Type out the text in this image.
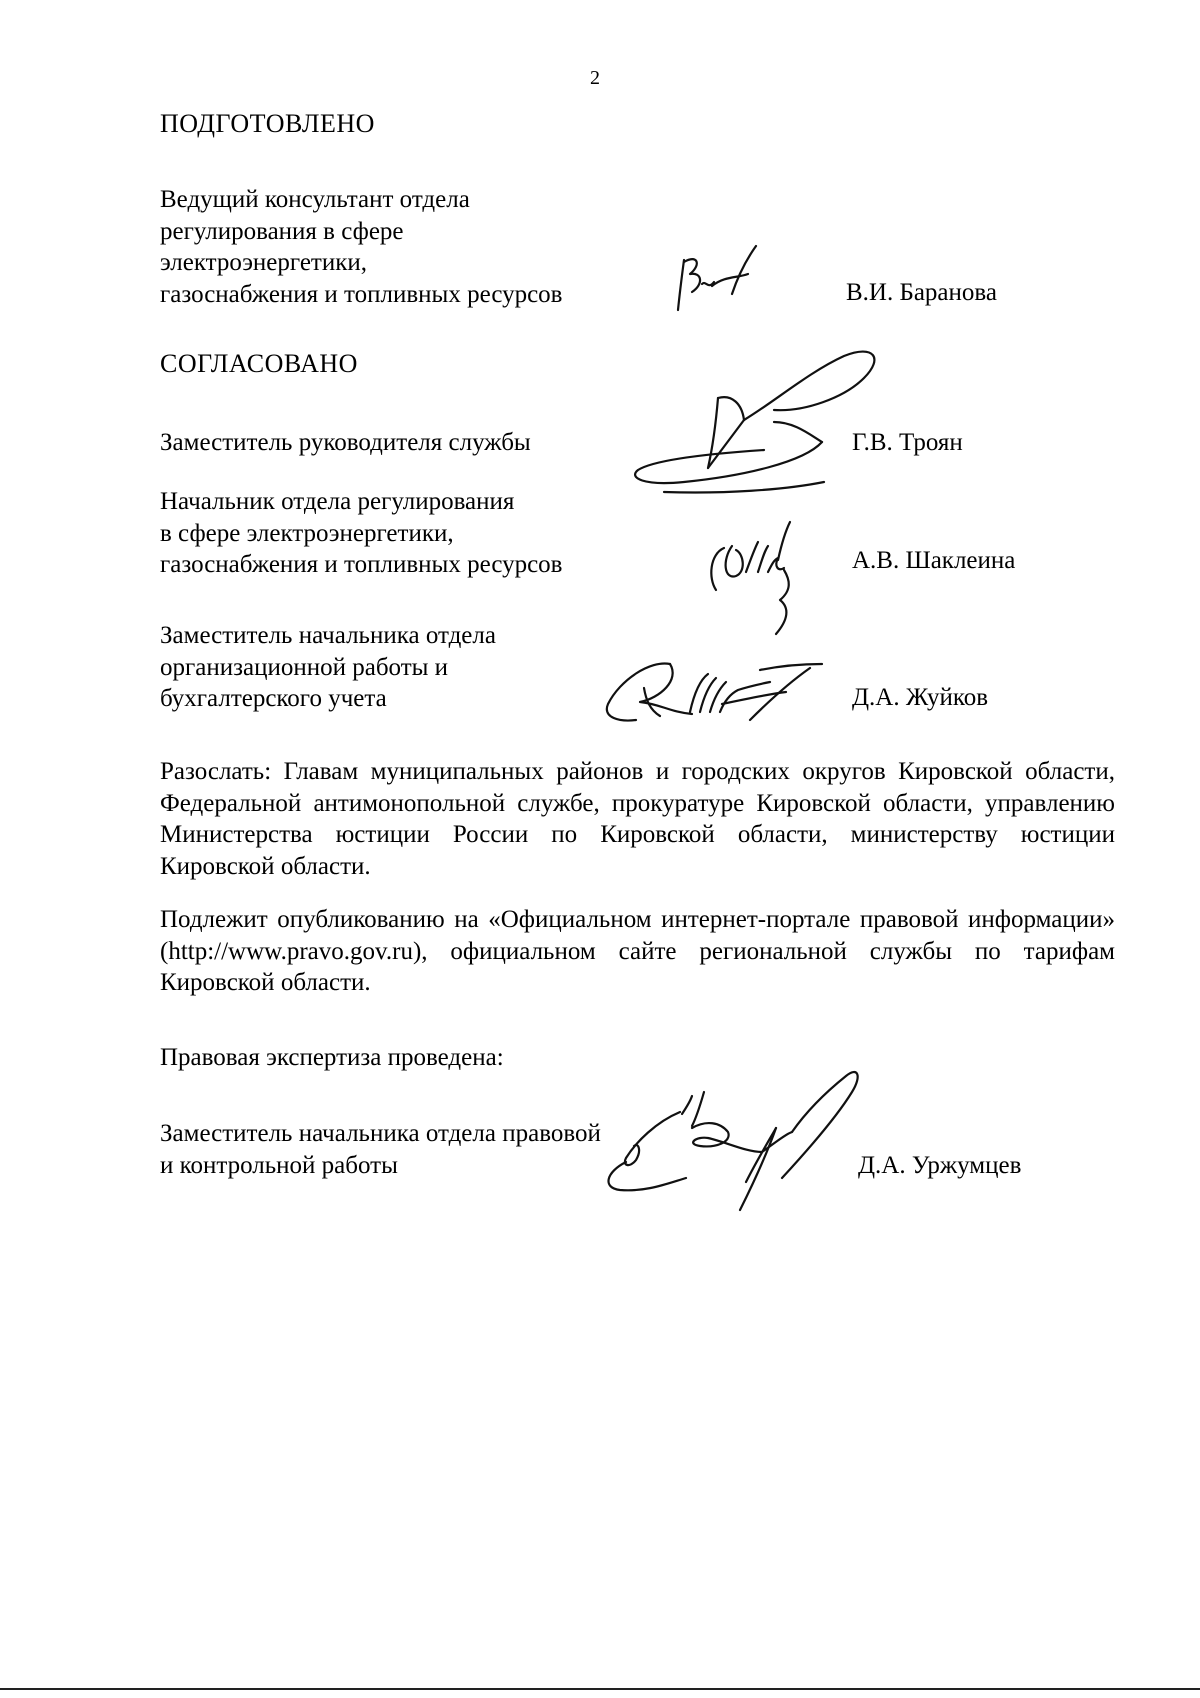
2
ПОДГОТОВЛЕНО
Ведущий консультант отдела
регулирования в сфере
электроэнергетики,
газоснабжения и топливных ресурсов	В.И. Баранова
СОГЛАСОВАНО
Заместитель руководителя службы	Г.В. Троян
Начальник отдела регулирования
в сфере электроэнергетики,
газоснабжения и топливных ресурсов	А.В. Шаклеина
Заместитель начальника отдела
организационной работы и
бухгалтерского учета	Д.А. Жуйков
Разослать: Главам муниципальных районов и городских округов Кировской области, Федеральной антимонопольной службе, прокуратуре Кировской области, управлению Министерства юстиции России по Кировской области, министерству юстиции Кировской области.
Подлежит опубликованию на «Официальном интернет-портале правовой информации» (http://www.pravo.gov.ru), официальном сайте региональной службы по тарифам Кировской области.
Правовая экспертиза проведена:
Заместитель начальника отдела правовой
и контрольной работы	Д.А. Уржумцев
